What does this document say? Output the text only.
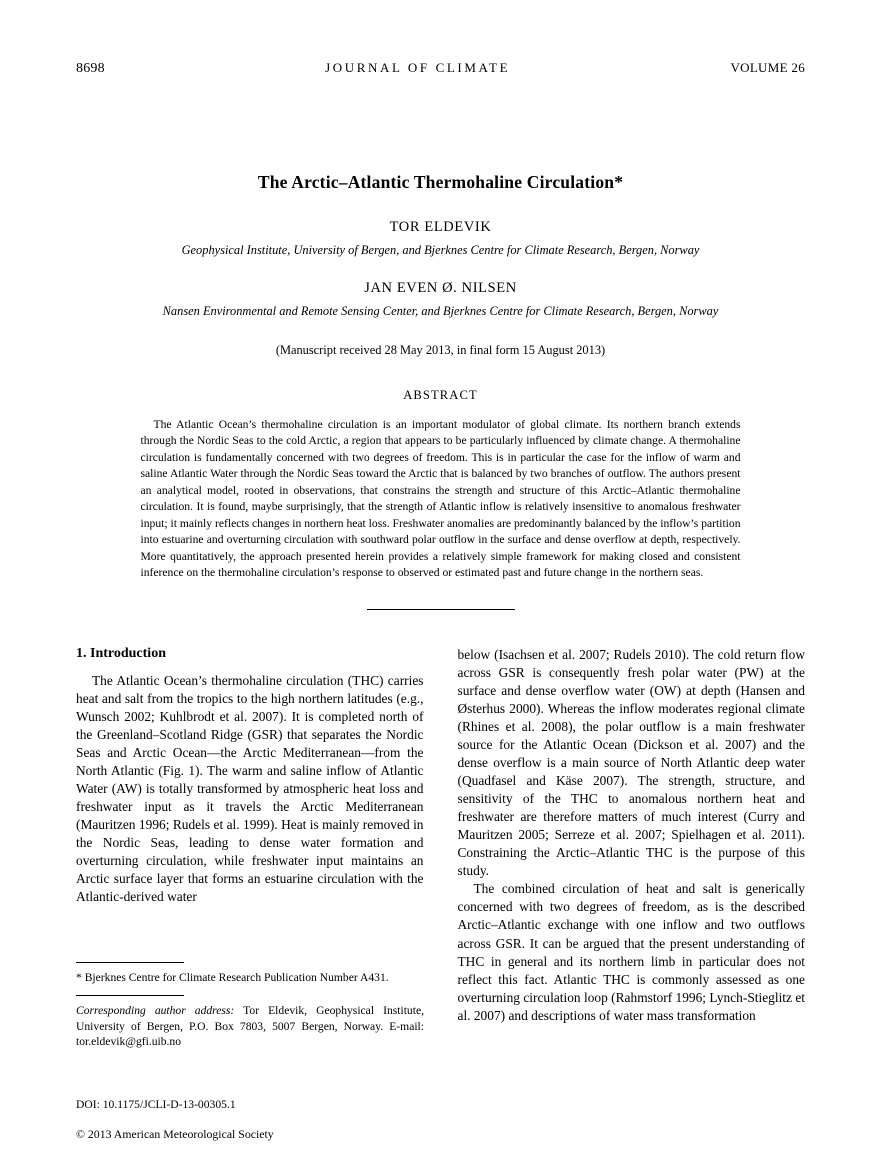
8698	JOURNAL OF CLIMATE	VOLUME 26
The Arctic–Atlantic Thermohaline Circulation*
TOR ELDEVIK
Geophysical Institute, University of Bergen, and Bjerknes Centre for Climate Research, Bergen, Norway
JAN EVEN Ø. NILSEN
Nansen Environmental and Remote Sensing Center, and Bjerknes Centre for Climate Research, Bergen, Norway
(Manuscript received 28 May 2013, in final form 15 August 2013)
ABSTRACT
The Atlantic Ocean’s thermohaline circulation is an important modulator of global climate. Its northern branch extends through the Nordic Seas to the cold Arctic, a region that appears to be particularly influenced by climate change. A thermohaline circulation is fundamentally concerned with two degrees of freedom. This is in particular the case for the inflow of warm and saline Atlantic Water through the Nordic Seas toward the Arctic that is balanced by two branches of outflow. The authors present an analytical model, rooted in observations, that constrains the strength and structure of this Arctic–Atlantic thermohaline circulation. It is found, maybe surprisingly, that the strength of Atlantic inflow is relatively insensitive to anomalous freshwater input; it mainly reflects changes in northern heat loss. Freshwater anomalies are predominantly balanced by the inflow’s partition into estuarine and overturning circulation with southward polar outflow in the surface and dense overflow at depth, respectively. More quantitatively, the approach presented herein provides a relatively simple framework for making closed and consistent inference on the thermohaline circulation’s response to observed or estimated past and future change in the northern seas.
1. Introduction

The Atlantic Ocean’s thermohaline circulation (THC) carries heat and salt from the tropics to the high northern latitudes (e.g., Wunsch 2002; Kuhlbrodt et al. 2007). It is completed north of the Greenland–Scotland Ridge (GSR) that separates the Nordic Seas and Arctic Ocean—the Arctic Mediterranean—from the North Atlantic (Fig. 1). The warm and saline inflow of Atlantic Water (AW) is totally transformed by atmospheric heat loss and freshwater input as it travels the Arctic Mediterranean (Mauritzen 1996; Rudels et al. 1999). Heat is mainly removed in the Nordic Seas, leading to dense water formation and overturning circulation, while freshwater input maintains an Arctic surface layer that forms an estuarine circulation with the Atlantic-derived water

* Bjerknes Centre for Climate Research Publication Number A431.

Corresponding author address: Tor Eldevik, Geophysical Institute, University of Bergen, P.O. Box 7803, 5007 Bergen, Norway. E-mail: tor.eldevik@gfi.uib.no

below (Isachsen et al. 2007; Rudels 2010). The cold return flow across GSR is consequently fresh polar water (PW) at the surface and dense overflow water (OW) at depth (Hansen and Østerhus 2000). Whereas the inflow moderates regional climate (Rhines et al. 2008), the polar outflow is a main freshwater source for the Atlantic Ocean (Dickson et al. 2007) and the dense overflow is a main source of North Atlantic deep water (Quadfasel and Käse 2007). The strength, structure, and sensitivity of the THC to anomalous northern heat and freshwater are therefore matters of much interest (Curry and Mauritzen 2005; Serreze et al. 2007; Spielhagen et al. 2011). Constraining the Arctic–Atlantic THC is the purpose of this study.

The combined circulation of heat and salt is generically concerned with two degrees of freedom, as is the described Arctic–Atlantic exchange with one inflow and two outflows across GSR. It can be argued that the present understanding of THC in general and its northern limb in particular does not reflect this fact. Atlantic THC is commonly assessed as one overturning circulation loop (Rahmstorf 1996; Lynch-Stieglitz et al. 2007) and descriptions of water mass transformation

DOI: 10.1175/JCLI-D-13-00305.1
© 2013 American Meteorological Society
